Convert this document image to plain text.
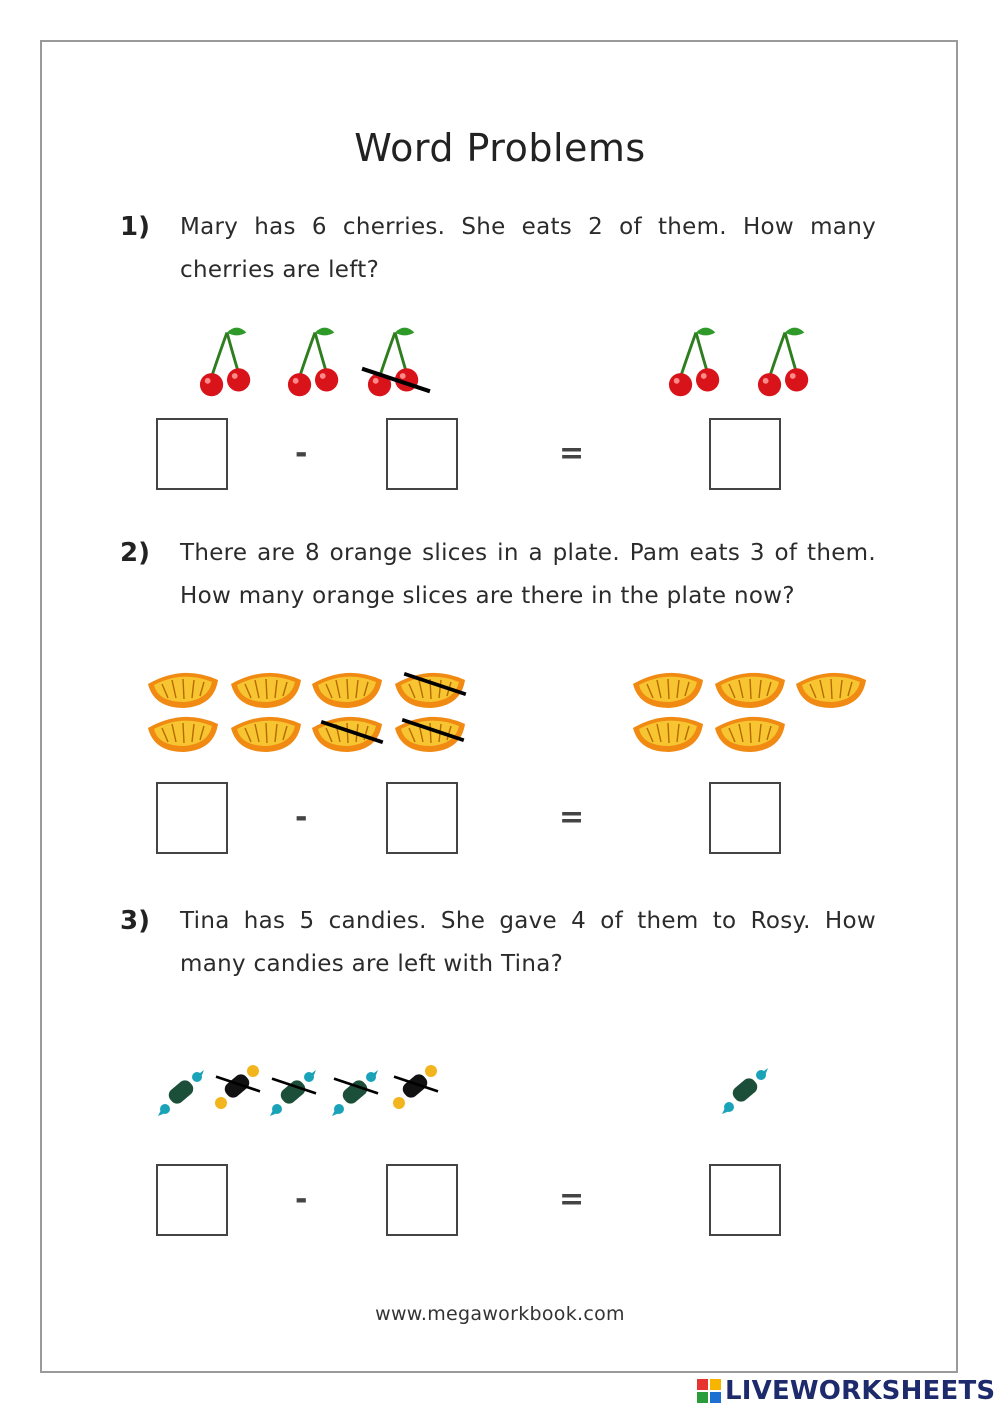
Word Problems
1) Mary has 6 cherries. She eats 2 of them. How many cherries are left?
-	=
2) There are 8 orange slices in a plate. Pam eats 3 of them. How many orange slices are there in the plate now?
-	=
3) Tina has 5 candies. She gave 4 of them to Rosy. How many candies are left with Tina?
-	=
www.megaworkbook.com
LIVEWORKSHEETS
